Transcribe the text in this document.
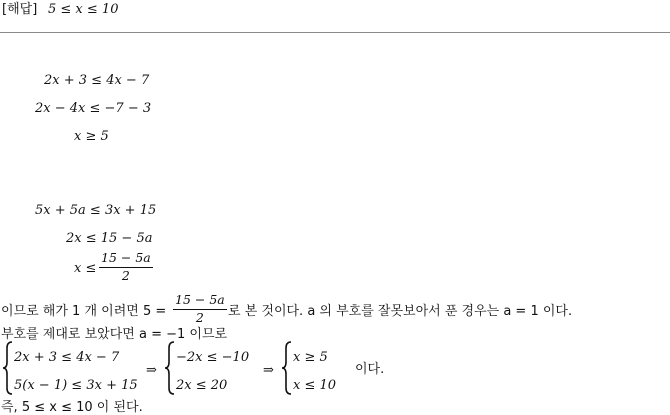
[해답] 5 ≤ x ≤ 10
2x + 3 ≤ 4x − 7
2x − 4x ≤ −7 − 3
x ≥ 5
5x + 5a ≤ 3x + 15
2x ≤ 15 − 5a
$x \le \frac{15 - 5a}{2}$
이므로 해가 1 개 이려면 $5 = \frac{15 - 5a}{2}$ 로 본 것이다. a 의 부호를 잘못보아서 푼 경우는 a = 1 이다.
부호를 제대로 보았다면 a = −1 이므로
2x + 3 ≤ 4x − 7
5(x − 1) ≤ 3x + 15
⇒
−2x ≤ −10
2x ≤ 20
⇒
x ≥ 5
x ≤ 10
이다.
즉, 5 ≤ x ≤ 10 이 된다.
